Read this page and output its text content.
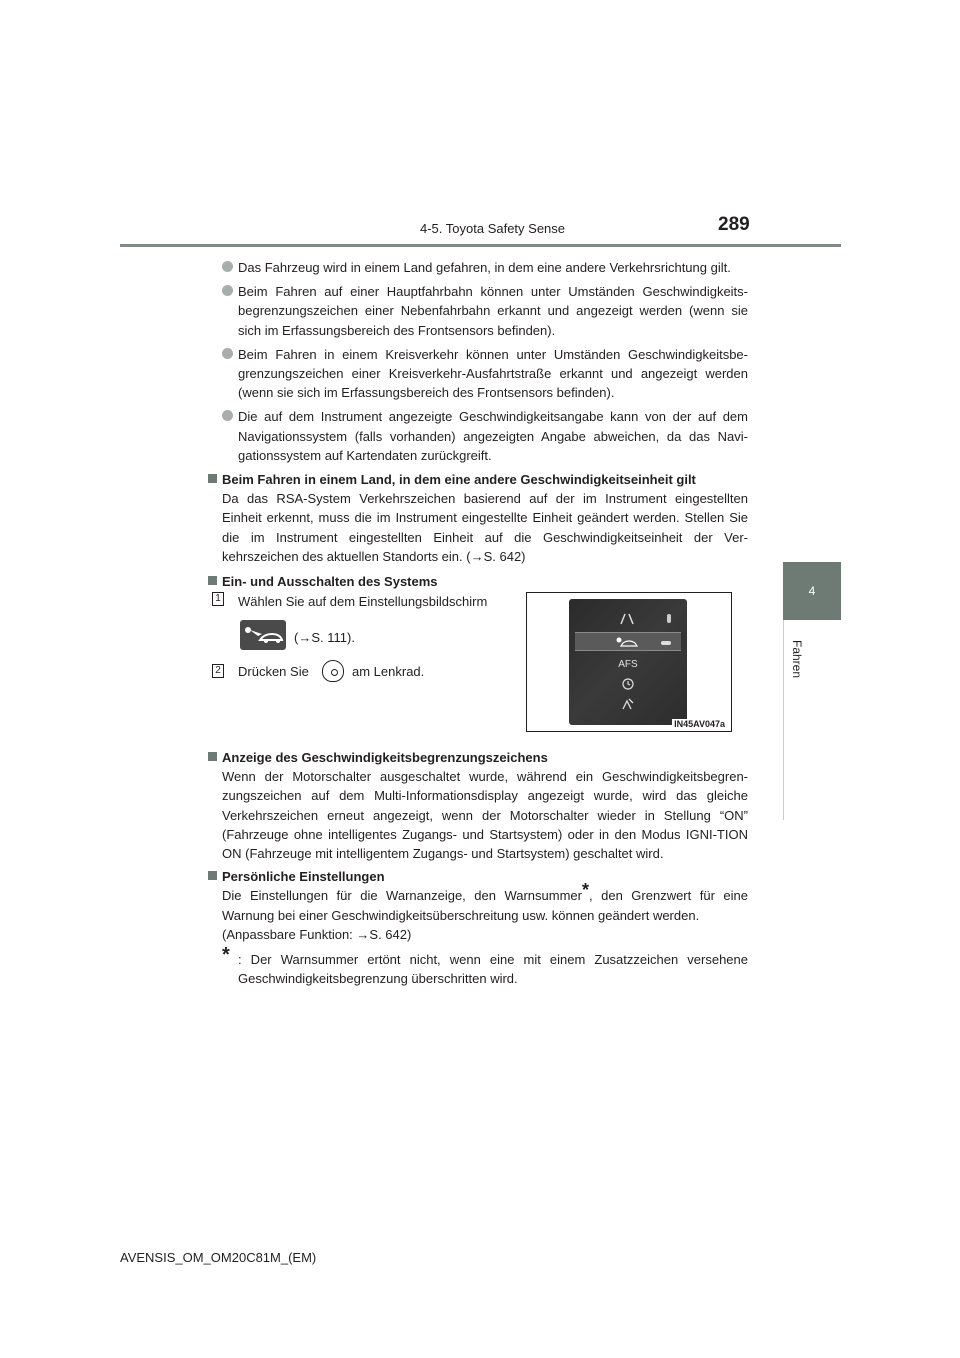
4-5. Toyota Safety Sense	289
4
Fahren
Das Fahrzeug wird in einem Land gefahren, in dem eine andere Verkehrsrichtung gilt.
Beim Fahren auf einer Hauptfahrbahn können unter Umständen Geschwindigkeits-begrenzungszeichen einer Nebenfahrbahn erkannt und angezeigt werden (wenn sie sich im Erfassungsbereich des Frontsensors befinden).
Beim Fahren in einem Kreisverkehr können unter Umständen Geschwindigkeitsbe-grenzungszeichen einer Kreisverkehr-Ausfahrtstraße erkannt und angezeigt werden (wenn sie sich im Erfassungsbereich des Frontsensors befinden).
Die auf dem Instrument angezeigte Geschwindigkeitsangabe kann von der auf dem Navigationssystem (falls vorhanden) angezeigten Angabe abweichen, da das Navi-gationssystem auf Kartendaten zurückgreift.
Beim Fahren in einem Land, in dem eine andere Geschwindigkeitseinheit gilt
Da das RSA-System Verkehrszeichen basierend auf der im Instrument eingestellten Einheit erkennt, muss die im Instrument eingestellte Einheit geändert werden. Stellen Sie die im Instrument eingestellten Einheit auf die Geschwindigkeitseinheit der Ver-kehrszeichen des aktuellen Standorts ein. (→S. 642)
Ein- und Ausschalten des Systems
1 Wählen Sie auf dem Einstellungsbildschirm
(→S. 111).
2 Drücken Sie	am Lenkrad.	AFS
IN45AV047a
Anzeige des Geschwindigkeitsbegrenzungszeichens
Wenn der Motorschalter ausgeschaltet wurde, während ein Geschwindigkeitsbegren-zungszeichen auf dem Multi-Informationsdisplay angezeigt wurde, wird das gleiche Verkehrszeichen erneut angezeigt, wenn der Motorschalter wieder in Stellung “ON” (Fahrzeuge ohne intelligentes Zugangs- und Startsystem) oder in den Modus IGNI-TION ON (Fahrzeuge mit intelligentem Zugangs- und Startsystem) geschaltet wird.
Persönliche Einstellungen
Die Einstellungen für die Warnanzeige, den Warnsummer*, den Grenzwert für eine Warnung bei einer Geschwindigkeitsüberschreitung usw. können geändert werden.
(Anpassbare Funktion: →S. 642)
* : Der Warnsummer ertönt nicht, wenn eine mit einem Zusatzzeichen versehene Geschwindigkeitsbegrenzung überschritten wird.
AVENSIS_OM_OM20C81M_(EM)
